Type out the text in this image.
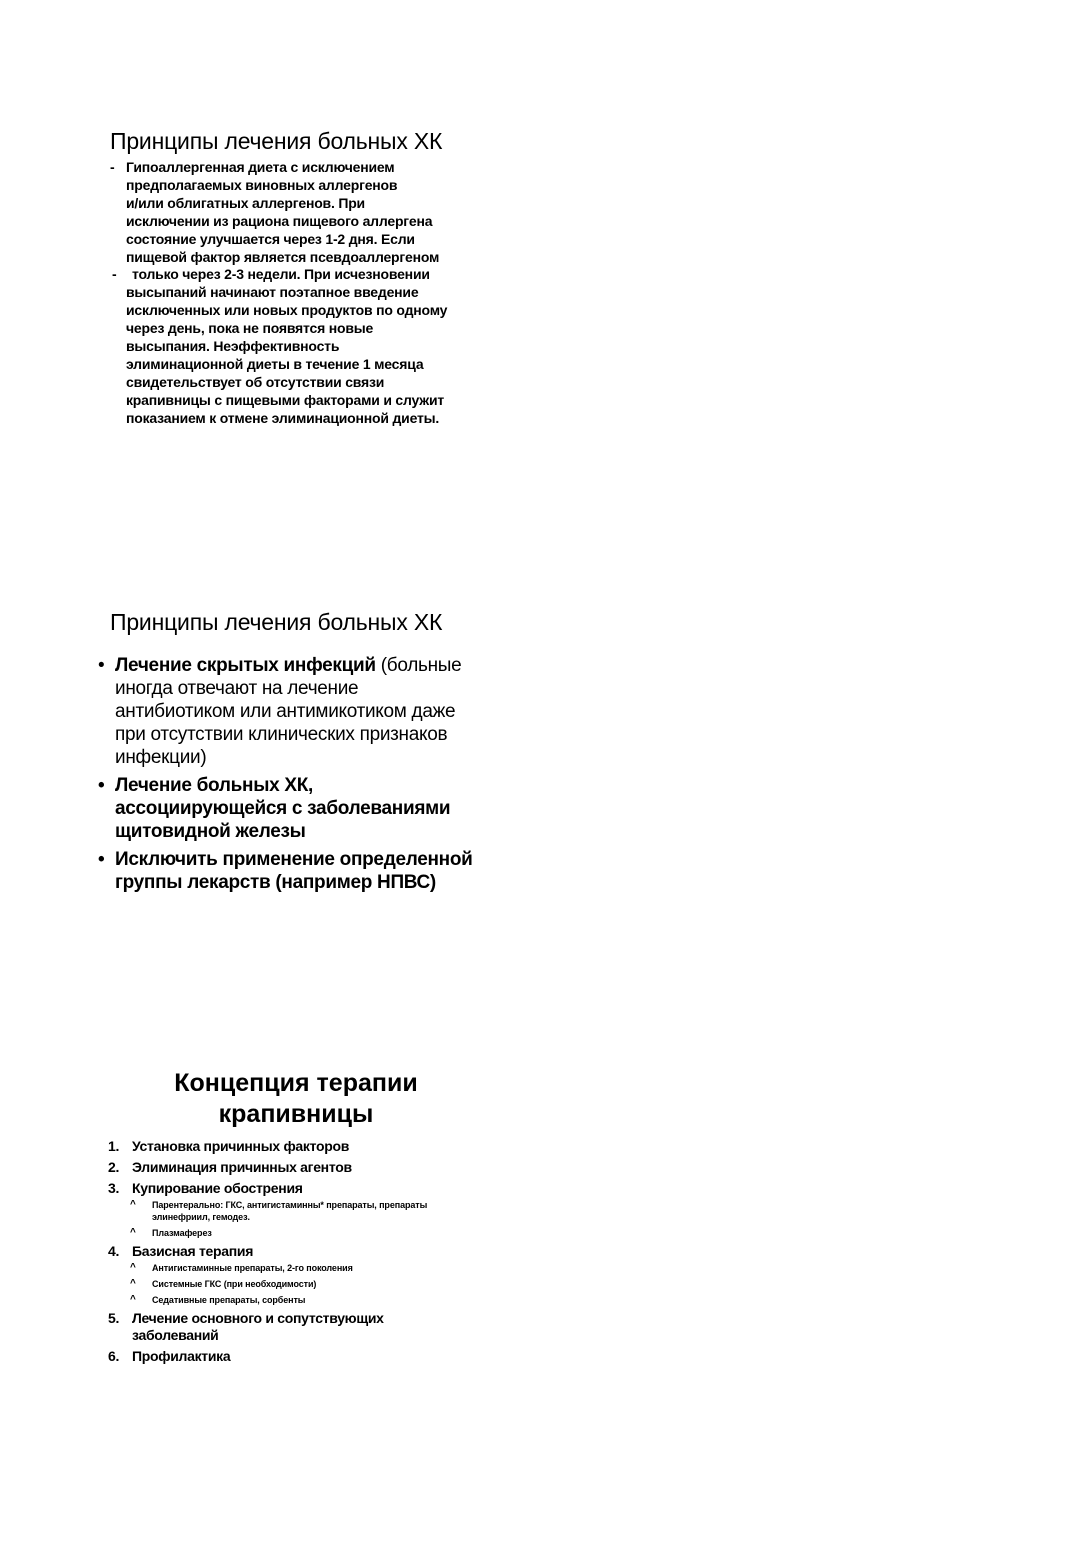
Принципы лечения больных ХК
- Гипоаллергенная диета с исключением
предполагаемых виновных аллергенов
и/или облигатных аллергенов. При
исключении из рациона пищевого аллергена
состояние улучшается через 1-2 дня. Если
пищевой фактор является псевдоаллергеном
- только через 2-3 недели. При исчезновении
высыпаний начинают поэтапное введение
исключенных или новых продуктов по одному
через день, пока не появятся новые
высыпания. Неэффективность
элиминационной диеты в течение 1 месяца
свидетельствует об отсутствии связи
крапивницы с пищевыми факторами и служит
показанием к отмене элиминационной диеты.
Принципы лечения больных ХК
• Лечение скрытых инфекций (больные
иногда отвечают на лечение
антибиотиком или антимикотиком даже
при отсутствии клинических признаков
инфекции)
• Лечение больных ХК,
ассоциирующейся с заболеваниями
щитовидной железы
• Исключить применение определенной
группы лекарств (например НПВС)
Концепция терапии
крапивницы
1. Установка причинных факторов
2. Элиминация причинных агентов
3. Купирование обострения
^ Парентерально: ГКС, антигистаминны* препараты, препараты
элинефриил, гемодез.
^ Плазмаферез
4. Базисная терапия
^ Антигистаминные препараты, 2-го поколения
^ Системные ГКС (при необходимости)
^ Седативные препараты, сорбенты
5. Лечение основного и сопутствующих
заболеваний
6. Профилактика
